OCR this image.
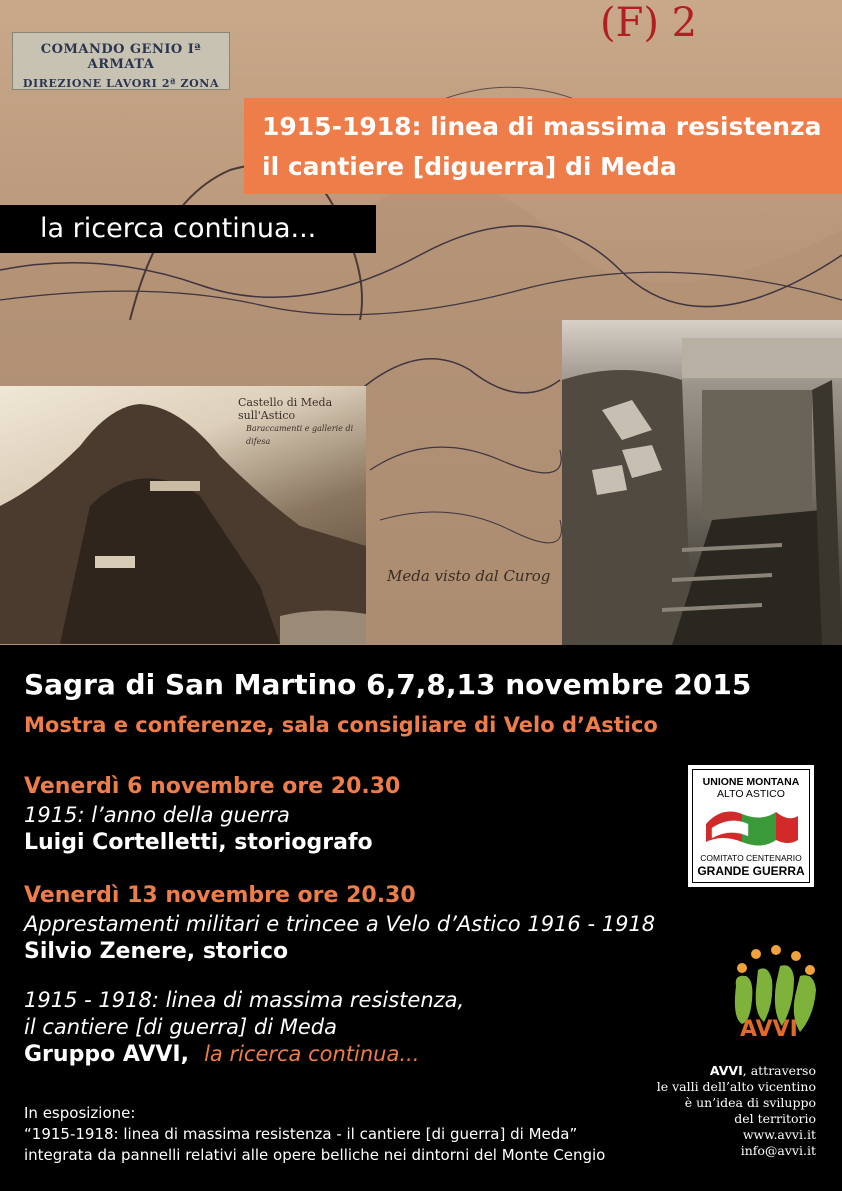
COMANDO GENIO Iª ARMATA
DIREZIONE LAVORI 2ª ZONA
(F) 2
1915-1918: linea di massima resistenza
il cantiere [diguerra] di Meda
la ricerca continua...
Castello di Meda sull'Astico
Baraccamenti e gallerie di difesa
Meda visto dal Curog
Sagra di San Martino 6,7,8,13 novembre 2015
Mostra e conferenze, sala consigliare di Velo d’Astico
Venerdì 6 novembre ore 20.30
1915: l’anno della guerra
Luigi Cortelletti, storiografo
Venerdì 13 novembre ore 20.30
Apprestamenti militari e trincee a Velo d’Astico 1916 - 1918
Silvio Zenere, storico
1915 - 1918: linea di massima resistenza,
il cantiere [di guerra] di Meda
Gruppo AVVI, la ricerca continua...
In esposizione:
“1915-1918: linea di massima resistenza - il cantiere [di guerra] di Meda”
integrata da pannelli relativi alle opere belliche nei dintorni del Monte Cengio
UNIONE MONTANA
ALTO ASTICO
COMITATO CENTENARIO
GRANDE GUERRA
AVVI
AVVI, attraverso
le valli dell’alto vicentino
è un’idea di sviluppo
del territorio
www.avvi.it
info@avvi.it
